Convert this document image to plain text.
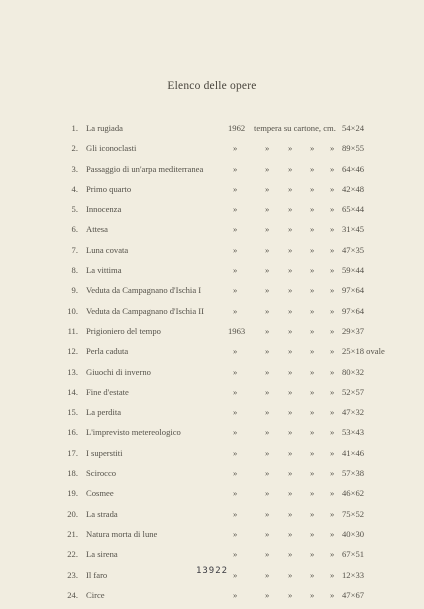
Elenco delle opere
1. La rugiada	1962 tempera su cartone, cm. 54×24
2. Gli iconoclasti	»	» » » » 89×55
3. Passaggio di un'arpa mediterranea	»	» » » » 64×46
4. Primo quarto	»	» » » » 42×48
5. Innocenza	»	» » » » 65×44
6. Attesa	»	» » » » 31×45
7. Luna covata	»	» » » » 47×35
8. La vittima	»	» » » » 59×44
9. Veduta da Campagnano d'Ischia I	»	» » » » 97×64
10. Veduta da Campagnano d'Ischia II	»	» » » » 97×64
11. Prigioniero del tempo	1963 » » » » 29×37
12. Perla caduta	»	» » » » 25×18 ovale
13. Giuochi di inverno	»	» » » » 80×32
14. Fine d'estate	»	» » » » 52×57
15. La perdita	»	» » » » 47×32
16. L'imprevisto metereologico	»	» » » » 53×43
17. I superstiti	»	» » » » 41×46
18. Scirocco	»	» » » » 57×38
19. Cosmee	»	» » » » 46×62
20. La strada	»	» » » » 75×52
21. Natura morta di lune	»	» » » » 40×30
22. La sirena	»	» » » » 67×51
23. Il faro	»	» » » » 12×33
24. Circe	»	» » » » 47×67
13922
